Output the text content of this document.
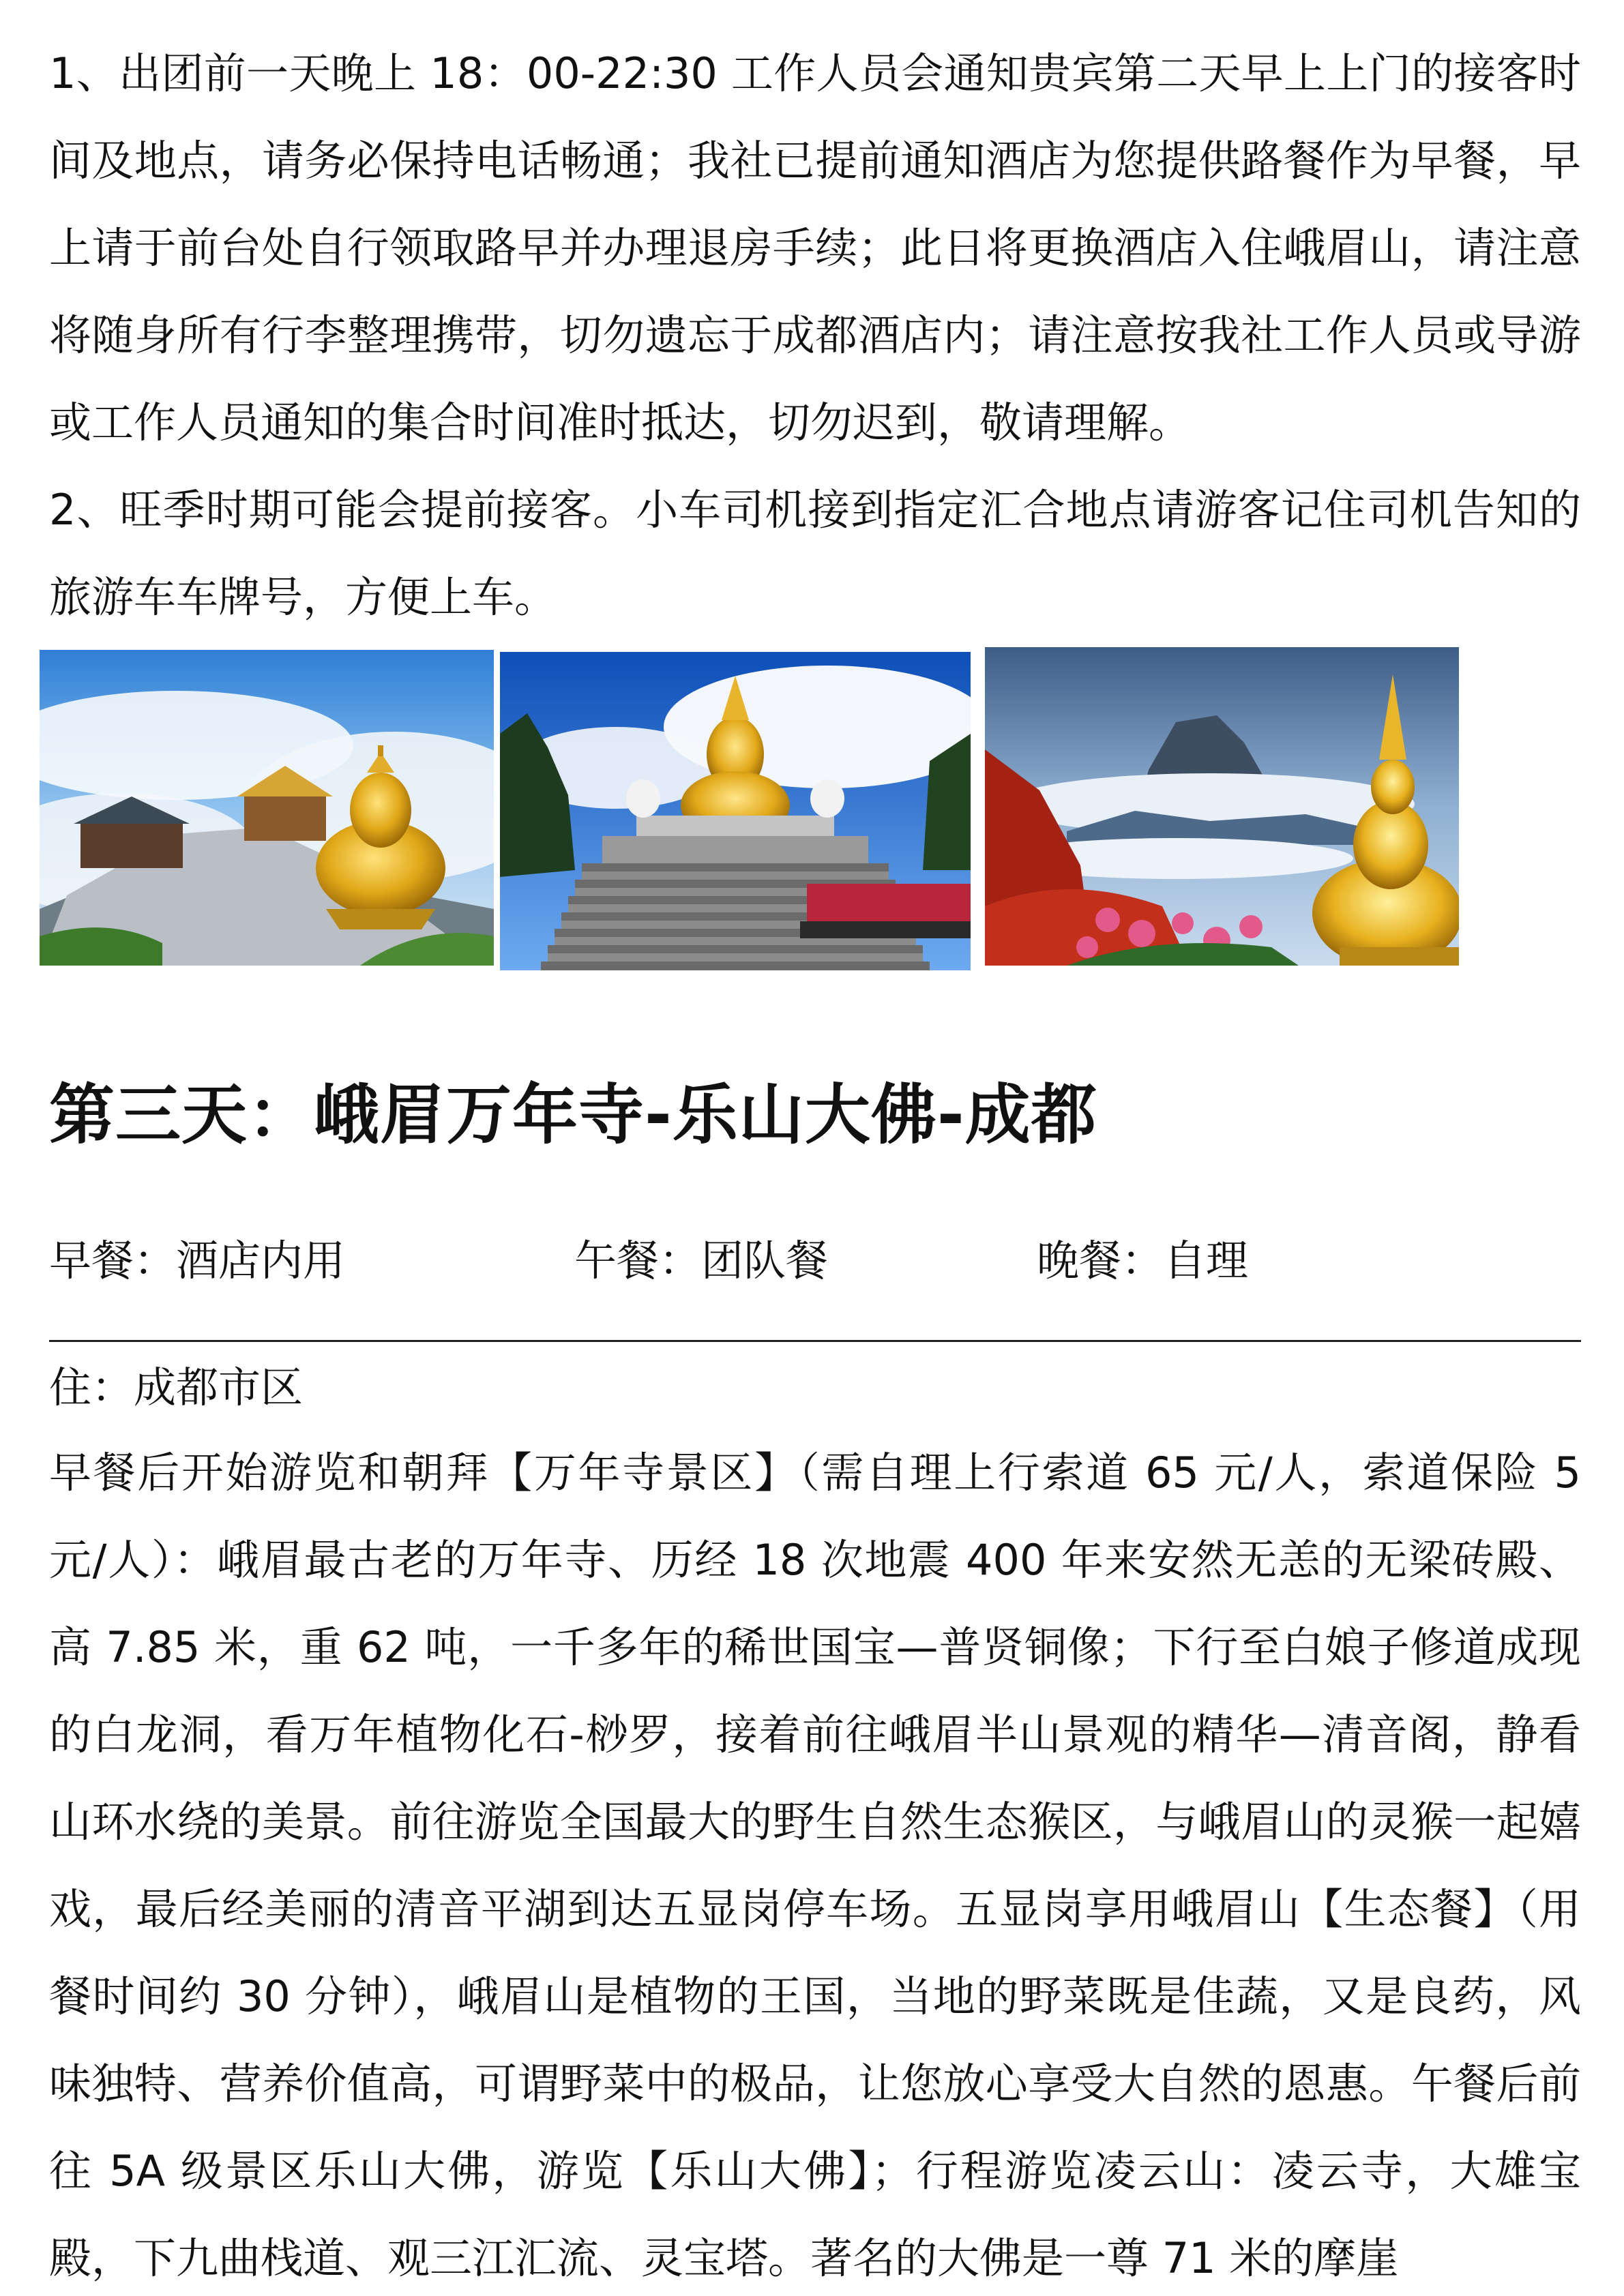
1、出团前一天晚上 18：00-22:30 工作人员会通知贵宾第二天早上上门的接客时间及地点，请务必保持电话畅通；我社已提前通知酒店为您提供路餐作为早餐，早上请于前台处自行领取路早并办理退房手续；此日将更换酒店入住峨眉山，请注意将随身所有行李整理携带，切勿遗忘于成都酒店内；请注意按我社工作人员或导游或工作人员通知的集合时间准时抵达，切勿迟到，敬请理解。

2、旺季时期可能会提前接客。小车司机接到指定汇合地点请游客记住司机告知的旅游车车牌号，方便上车。

第三天：峨眉万年寺-乐山大佛-成都
早餐：酒店内用	午餐：团队餐	晚餐：自理
住：成都市区

早餐后开始游览和朝拜【万年寺景区】（需自理上行索道 65 元/人，索道保险 5 元/人）：峨眉最古老的万年寺、历经 18 次地震 400 年来安然无恙的无梁砖殿、高 7.85 米，重 62 吨，一千多年的稀世国宝—普贤铜像；下行至白娘子修道成现的白龙洞，看万年植物化石-桫罗，接着前往峨眉半山景观的精华—清音阁，静看山环水绕的美景。前往游览全国最大的野生自然生态猴区，与峨眉山的灵猴一起嬉戏，最后经美丽的清音平湖到达五显岗停车场。五显岗享用峨眉山【生态餐】（用餐时间约 30 分钟），峨眉山是植物的王国，当地的野菜既是佳蔬，又是良药，风味独特、营养价值高，可谓野菜中的极品，让您放心享受大自然的恩惠。午餐后前往 5A 级景区乐山大佛，游览【乐山大佛】；行程游览凌云山：凌云寺，大雄宝殿，下九曲栈道、观三江汇流、灵宝塔。著名的大佛是一尊 71 米的摩崖
